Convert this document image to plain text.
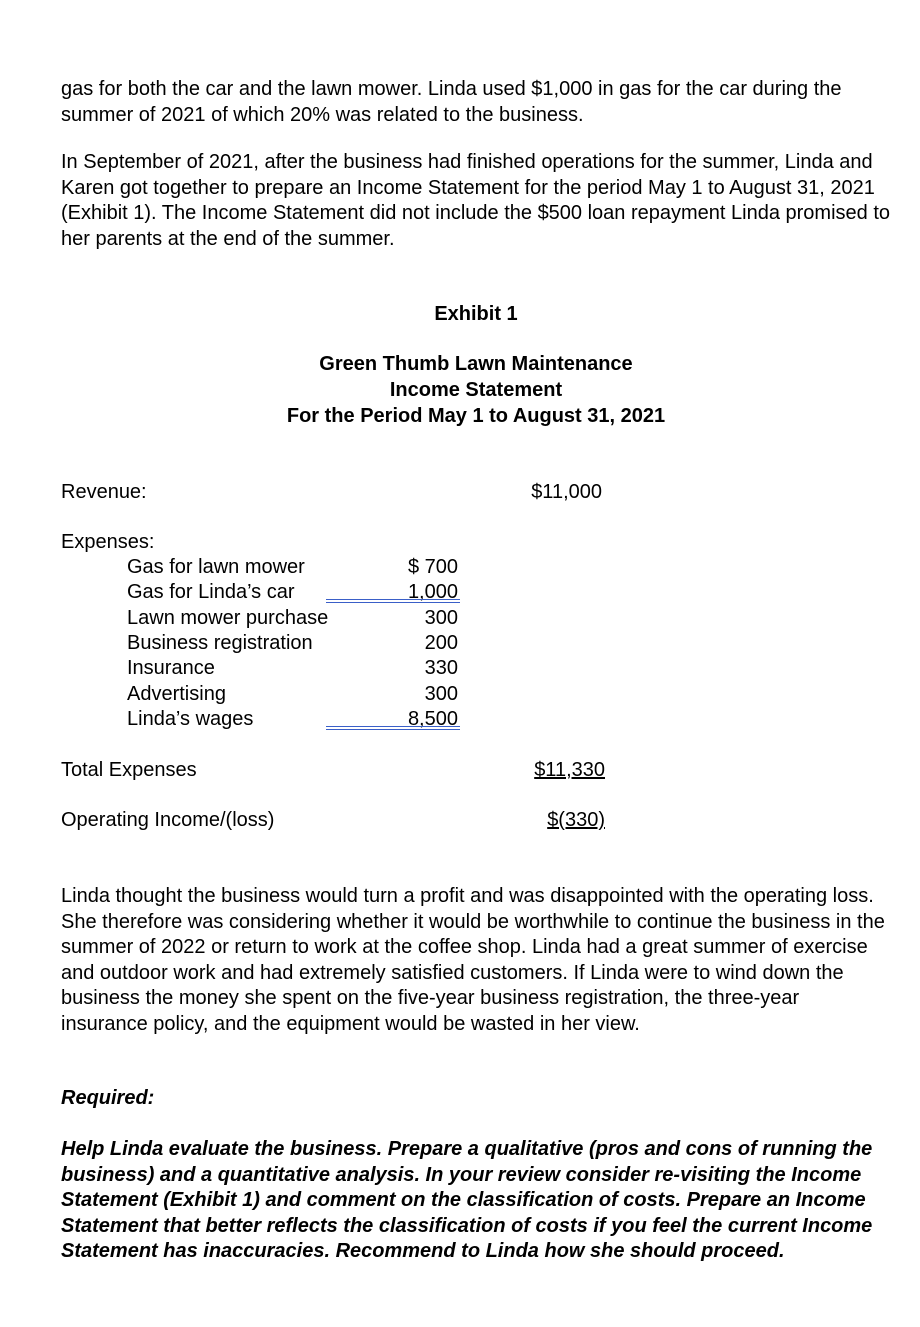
gas for both the car and the lawn mower. Linda used $1,000 in gas for the car during the summer of 2021 of which 20% was related to the business.
In September of 2021, after the business had finished operations for the summer, Linda and Karen got together to prepare an Income Statement for the period May 1 to August 31, 2021 (Exhibit 1). The Income Statement did not include the $500 loan repayment Linda promised to her parents at the end of the summer.
Exhibit 1
Green Thumb Lawn Maintenance
Income Statement
For the Period May 1 to August 31, 2021
Revenue:	$11,000
Expenses:
Gas for lawn mower	$ 700
Gas for Linda’s car	1,000
Lawn mower purchase	300
Business registration	200
Insurance	330
Advertising	300
Linda’s wages	8,500
Total Expenses	$11,330
Operating Income/(loss)	$(330)
Linda thought the business would turn a profit and was disappointed with the operating loss. She therefore was considering whether it would be worthwhile to continue the business in the summer of 2022 or return to work at the coffee shop. Linda had a great summer of exercise and outdoor work and had extremely satisfied customers. If Linda were to wind down the business the money she spent on the five-year business registration, the three-year insurance policy, and the equipment would be wasted in her view.
Required:
Help Linda evaluate the business. Prepare a qualitative (pros and cons of running the business) and a quantitative analysis. In your review consider re-visiting the Income Statement (Exhibit 1) and comment on the classification of costs. Prepare an Income Statement that better reflects the classification of costs if you feel the current Income Statement has inaccuracies. Recommend to Linda how she should proceed.
